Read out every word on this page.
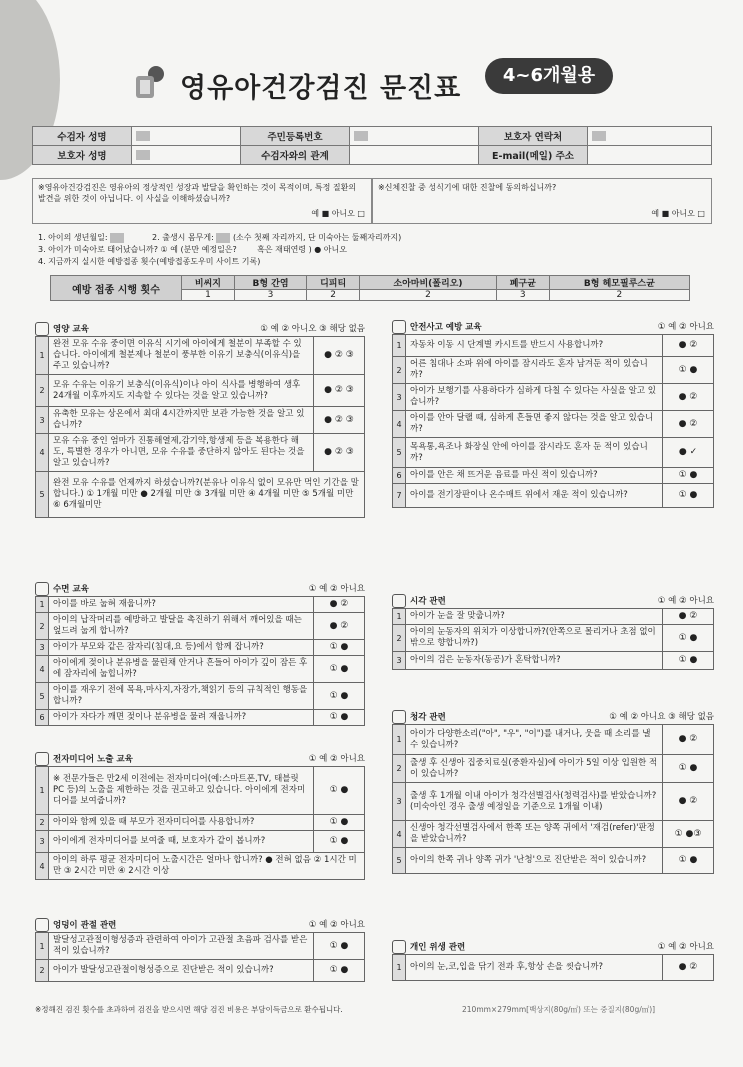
영유아건강검진 문진표	4~6개월용
수검자 성명		주민등록번호		보호자 연락처	
보호자 성명		수검자와의 관계		E-mail(메일) 주소	
※영유아건강검진은 영유아의 정상적인 성장과 발달을 확인하는 것이 목적이며, 특정 질환의 발견을 위한 것이 아닙니다. 이 사실을 이해하셨습니까?
예 ■ 아니오 □
※신체진찰 중 성식기에 대한 진찰에 동의하십니까?
예 ■ 아니오 □
1. 아이의 생년월일:	2. 출생시 몸무게: (소수 첫째 자리까지, 단 미숙아는 둘째자리까지)
3. 아이가 미숙아로 태어났습니까? ① 예 (분만 예정일은?	혹은 재태연령 ) ● 아니오
4. 지금까지 실시한 예방접종 횟수(예방접종도우미 사이트 기록)
예방 접종 시행 횟수	비씨지	B형 간염	디피티	소아마비(폴리오)	폐구균	B형 헤모필루스균
	1	3	2	2	3	2
영양 교육	① 예 ② 아니오 ③ 해당 없음
1	완전 모유 수유 중이면 이유식 시기에 아이에게 철분이 부족할 수 있습니다. 아이에게 철분제나 철분이 풍부한 이유기 보충식(이유식)을 주고 있습니까?	● ② ③
2	모유 수유는 이유기 보충식(이유식)이나 아이 식사를 병행하여 생후 24개월 이후까지도 지속할 수 있다는 것을 알고 있습니까?	● ② ③
3	유축한 모유는 상온에서 최대 4시간까지만 보관 가능한 것을 알고 있습니까?	● ② ③
4	모유 수유 중인 엄마가 진통해열제,감기약,항생제 등을 복용한다 해도, 특별한 경우가 아니면, 모유 수유를 중단하지 않아도 된다는 것을 알고 있습니까?	● ② ③
5	완전 모유 수유를 언제까지 하셨습니까?(분유나 이유식 없이 모유만 먹인 기간을 말합니다.) ① 1개월 미만 ● 2개월 미만 ③ 3개월 미만 ④ 4개월 미만 ⑤ 5개월 미만 ⑥ 6개월미만	
수면 교육	① 예 ② 아니요
1	아이를 바로 눕혀 재웁니까?	● ②
2	아이의 납작머리를 예방하고 발달을 촉진하기 위해서 깨어있을 때는 엎드려 눕게 합니까?	● ②
3	아이가 부모와 같은 잠자리(침대,요 등)에서 함께 잡니까?	① ●
4	아이에게 젖이나 분유병을 물린채 안거나 흔들어 아이가 깊이 잠든 후에 잠자리에 눕힙니까?	① ●
5	아이를 재우기 전에 목욕,마사지,자장가,책읽기 등의 규칙적인 행동을 합니까?	① ●
6	아이가 자다가 깨면 젖이나 분유병을 물려 재웁니까?	① ●
전자미디어 노출 교육	① 예 ② 아니요
1	※ 전문가들은 만2세 이전에는 전자미디어(예:스마트폰,TV, 태블릿PC 등)의 노출을 제한하는 것을 권고하고 있습니다. 아이에게 전자미디어를 보여줍니까?	① ●
2	아이와 함께 있을 때 부모가 전자미디어를 사용합니까?	① ●
3	아이에게 전자미디어를 보여줄 때, 보호자가 같이 봅니까?	① ●
4	아이의 하루 평균 전자미디어 노출시간은 얼마나 합니까? ● 전혀 없음 ② 1시간 미만 ③ 2시간 미만 ④ 2시간 이상	
엉덩이 관절 관련	① 예 ② 아니요
1	발달성고관절이형성증과 관련하여 아이가 고관절 초음파 검사를 받은 적이 있습니까?	① ●
2	아이가 발달성고관절이형성증으로 진단받은 적이 있습니까?	① ●
안전사고 예방 교육	① 예 ② 아니요
1	자동차 이동 시 단계별 카시트를 반드시 사용합니까?	● ②
2	어른 침대나 소파 위에 아이를 잠시라도 혼자 남겨둔 적이 있습니까?	① ●
3	아이가 보행기를 사용하다가 심하게 다칠 수 있다는 사실을 알고 있습니까?	● ②
4	아이를 안아 달랠 때, 심하게 흔들면 좋지 않다는 것을 알고 있습니까?	● ②
5	목욕통,욕조나 화장실 안에 아이를 잠시라도 혼자 둔 적이 있습니까?	● ✓
6	아이를 안은 채 뜨거운 음료를 마신 적이 있습니까?	① ●
7	아이를 전기장판이나 온수매트 위에서 재운 적이 있습니까?	① ●
시각 관련	① 예 ② 아니요
1	아이가 눈을 잘 맞춥니까?	● ②
2	아이의 눈동자의 위치가 이상합니까?(안쪽으로 몰리거나 초점 없이 밖으로 향합니까?)	① ●
3	아이의 검은 눈동자(동공)가 혼탁합니까?	① ●
청각 관련	① 예 ② 아니요 ③ 해당 없음
1	아이가 다양한소리("아", "우", "이")를 내거나, 웃을 때 소리를 낼 수 있습니까?	● ②
2	출생 후 신생아 집중치료실(중환자실)에 아이가 5일 이상 입원한 적이 있습니까?	① ●
3	출생 후 1개월 이내 아이가 청각선별검사(청력검사)를 받았습니까?(미숙아인 경우 출생 예정일을 기준으로 1개월 이내)	● ②
4	신생아 청각선별검사에서 한쪽 또는 양쪽 귀에서 '재검(refer)'판정을 받았습니까?	① ●③
5	아이의 한쪽 귀나 양쪽 귀가 '난청'으로 진단받은 적이 있습니까?	① ●
개인 위생 관련	① 예 ② 아니요
1	아이의 눈,코,입을 닦기 전과 후,항상 손을 씻습니까?	● ②
※정해진 검진 횟수를 초과하여 검진을 받으시면 해당 검진 비용은 부담이득금으로 환수됩니다.	210mm×279mm[백상지(80g/㎡) 또는 중질지(80g/㎡)]
